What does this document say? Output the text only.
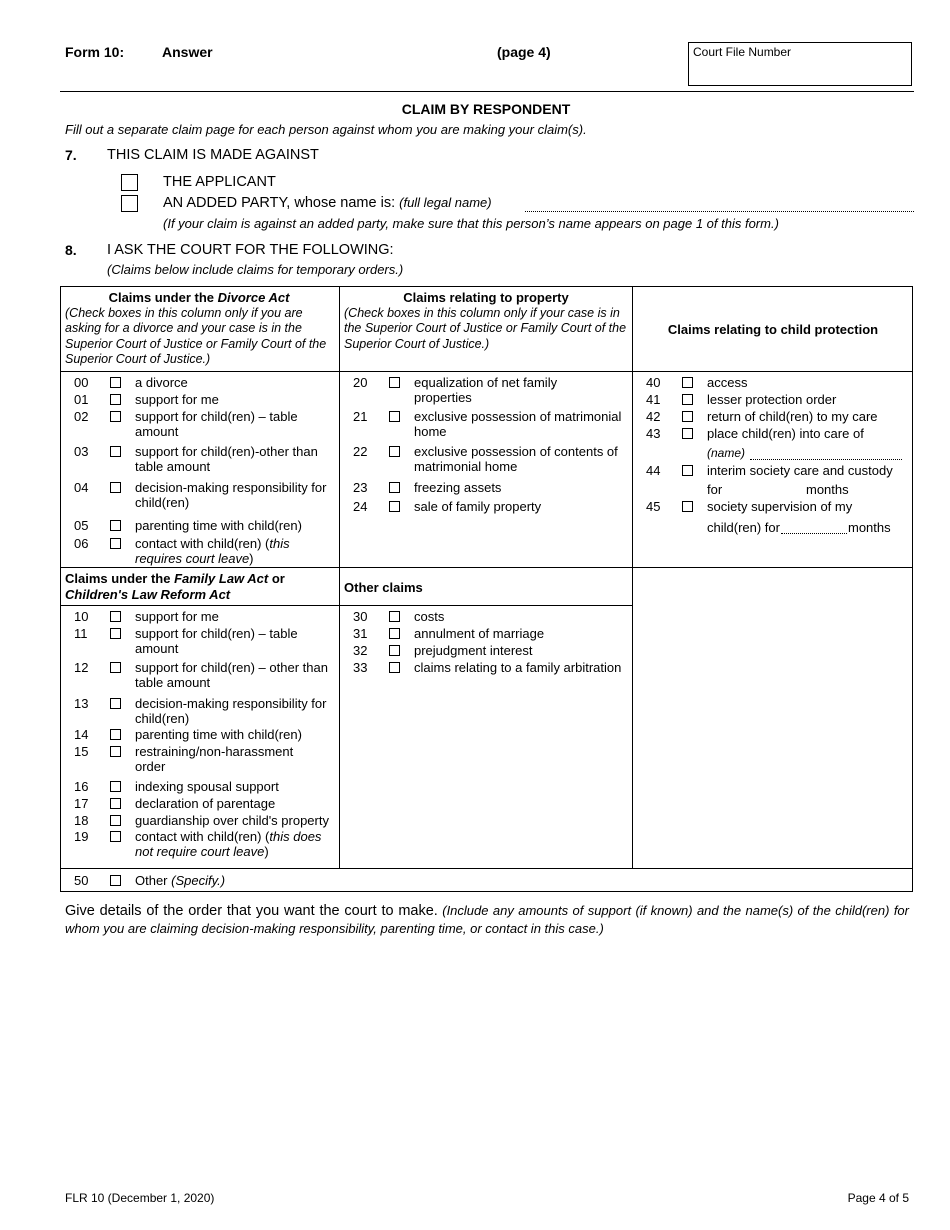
Form 10:	Answer	(page 4)	Court File Number
CLAIM BY RESPONDENT
Fill out a separate claim page for each person against whom you are making your claim(s).
7. THIS CLAIM IS MADE AGAINST
THE APPLICANT
AN ADDED PARTY, whose name is: (full legal name)
(If your claim is against an added party, make sure that this person’s name appears on page 1 of this form.)
8. I ASK THE COURT FOR THE FOLLOWING:
(Claims below include claims for temporary orders.)
Claims under the Divorce Act
(Check boxes in this column only if you are asking for a divorce and your case is in the Superior Court of Justice or Family Court of the Superior Court of Justice.)
Claims relating to property
(Check boxes in this column only if your case is in the Superior Court of Justice or Family Court of the Superior Court of Justice.)
Claims relating to child protection
00	a divorce
01	support for me
02	support for child(ren) – table amount
03	support for child(ren)-other than table amount
04	decision-making responsibility for child(ren)
05	parenting time with child(ren)
06	contact with child(ren) (this requires court leave)
20	equalization of net family properties
21	exclusive possession of matrimonial home
22	exclusive possession of contents of matrimonial home
23	freezing assets
24	sale of family property
40	access
41	lesser protection order
42	return of child(ren) to my care
43	place child(ren) into care of
(name)
44	interim society care and custody
for	months
45	society supervision of my
child(ren) for	months
Claims under the Family Law Act or
Children's Law Reform Act	Other claims
10	support for me
11	support for child(ren) – table amount
12	support for child(ren) – other than table amount
13	decision-making responsibility for child(ren)
14	parenting time with child(ren)
15	restraining/non-harassment order
16	indexing spousal support
17	declaration of parentage
18	guardianship over child's property
19	contact with child(ren) (this does not require court leave)
30	costs
31	annulment of marriage
32	prejudgment interest
33	claims relating to a family arbitration
50	Other (Specify.)
Give details of the order that you want the court to make. (Include any amounts of support (if known) and the name(s) of the child(ren) for whom you are claiming decision-making responsibility, parenting time, or contact in this case.)
FLR 10 (December 1, 2020)	Page 4 of 5
